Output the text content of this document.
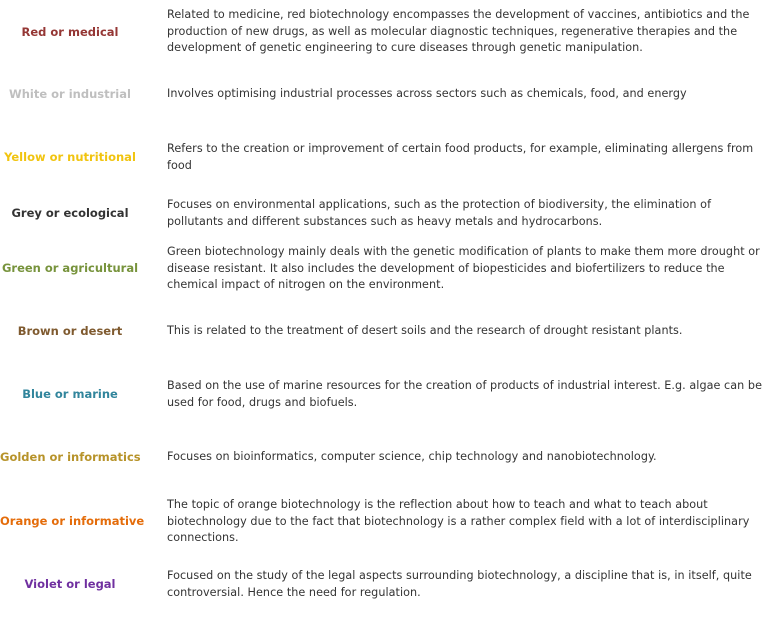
Red or medical
Related to medicine, red biotechnology encompasses the development of vaccines, antibiotics and the production of new drugs, as well as molecular diagnostic techniques, regenerative therapies and the development of genetic engineering to cure diseases through genetic manipulation.
White or industrial	Involves optimising industrial processes across sectors such as chemicals, food, and energy
Yellow or nutritional
Refers to the creation or improvement of certain food products, for example, eliminating allergens from food
Grey or ecological
Focuses on environmental applications, such as the protection of biodiversity, the elimination of pollutants and different substances such as heavy metals and hydrocarbons.
Green or agricultural
Green biotechnology mainly deals with the genetic modification of plants to make them more drought or disease resistant. It also includes the development of biopesticides and biofertilizers to reduce the chemical impact of nitrogen on the environment.
Brown or desert	This is related to the treatment of desert soils and the research of drought resistant plants.
Blue or marine
Based on the use of marine resources for the creation of products of industrial interest. E.g. algae can be used for food, drugs and biofuels.
Golden or informatics Focuses on bioinformatics, computer science, chip technology and nanobiotechnology.
Orange or informative
The topic of orange biotechnology is the reflection about how to teach and what to teach about biotechnology due to the fact that biotechnology is a rather complex field with a lot of interdisciplinary connections.
Violet or legal
Focused on the study of the legal aspects surrounding biotechnology, a discipline that is, in itself, quite controversial. Hence the need for regulation.
